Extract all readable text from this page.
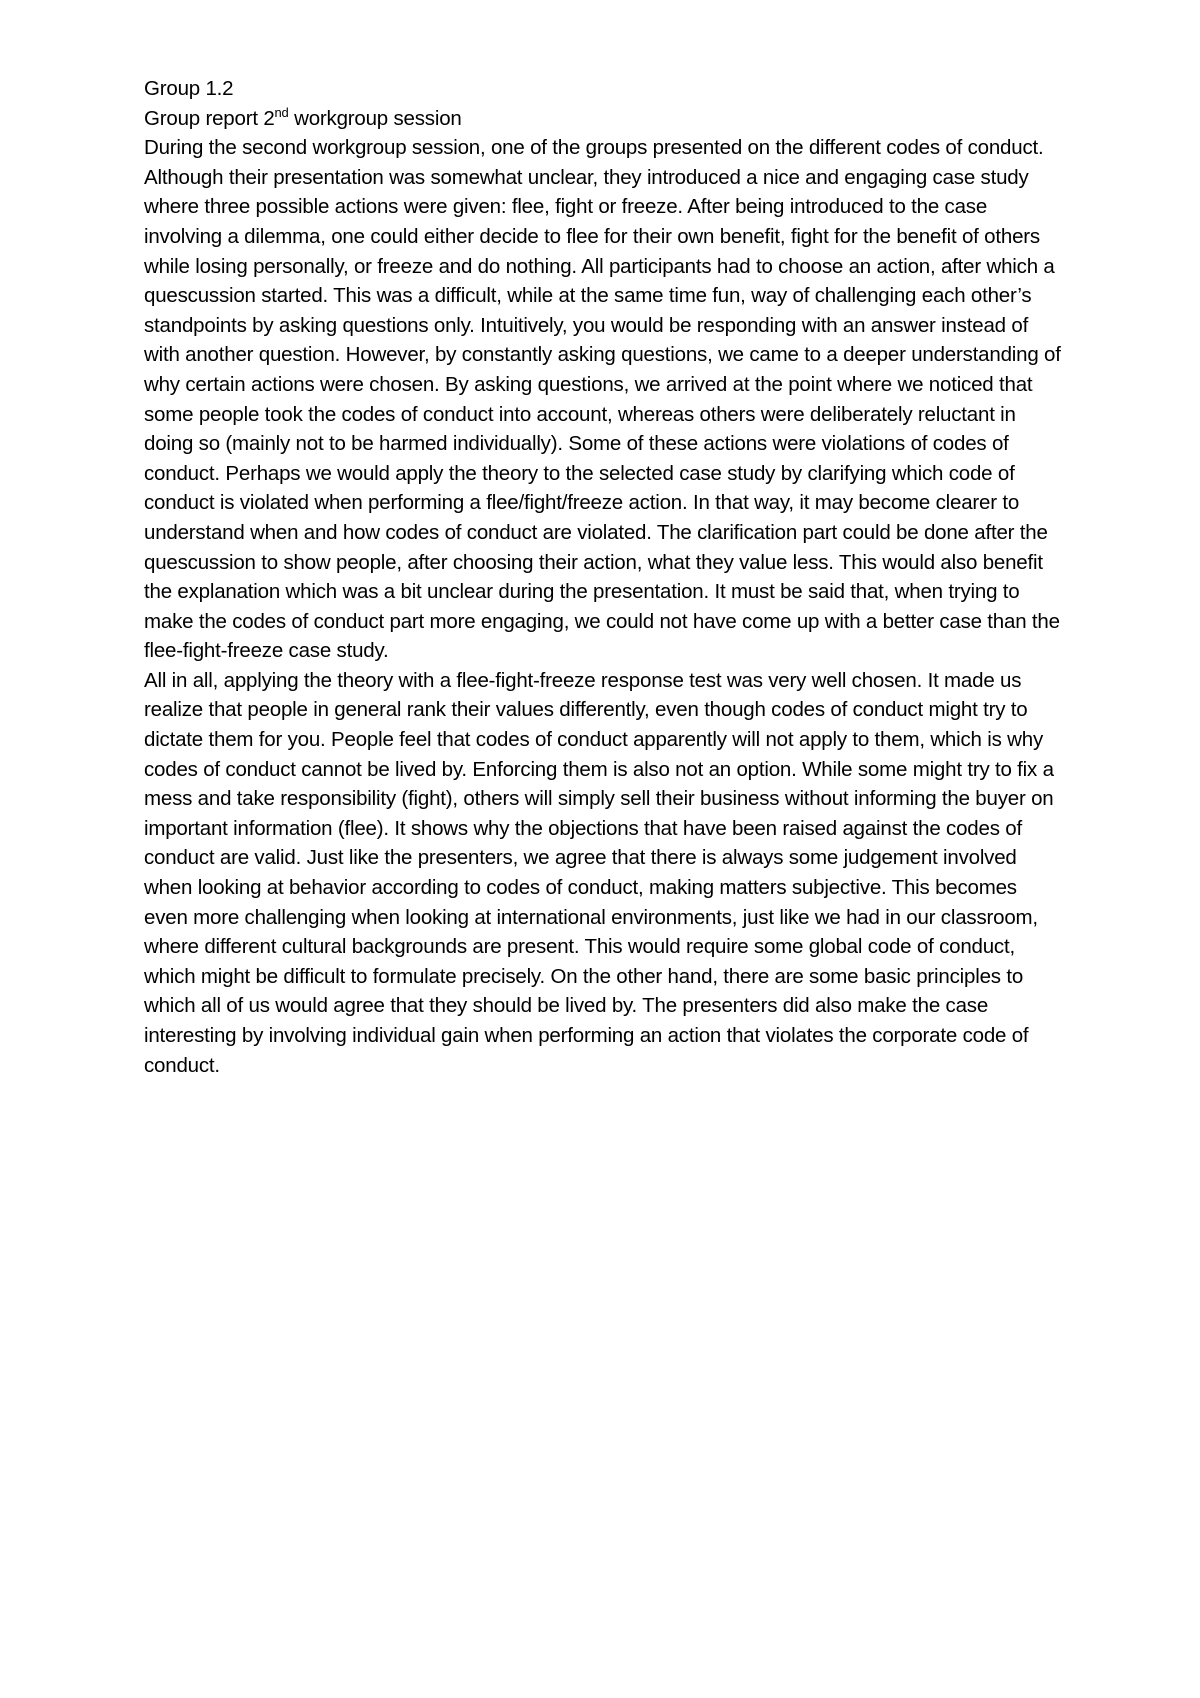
Group 1.2

Group report 2nd workgroup session

During the second workgroup session, one of the groups presented on the different codes of conduct. Although their presentation was somewhat unclear, they introduced a nice and engaging case study where three possible actions were given: flee, fight or freeze. After being introduced to the case involving a dilemma, one could either decide to flee for their own benefit, fight for the benefit of others while losing personally, or freeze and do nothing. All participants had to choose an action, after which a quescussion started. This was a difficult, while at the same time fun, way of challenging each other’s standpoints by asking questions only. Intuitively, you would be responding with an answer instead of with another question. However, by constantly asking questions, we came to a deeper understanding of why certain actions were chosen. By asking questions, we arrived at the point where we noticed that some people took the codes of conduct into account, whereas others were deliberately reluctant in doing so (mainly not to be harmed individually). Some of these actions were violations of codes of conduct. Perhaps we would apply the theory to the selected case study by clarifying which code of conduct is violated when performing a flee/fight/freeze action. In that way, it may become clearer to understand when and how codes of conduct are violated. The clarification part could be done after the quescussion to show people, after choosing their action, what they value less. This would also benefit the explanation which was a bit unclear during the presentation. It must be said that, when trying to make the codes of conduct part more engaging, we could not have come up with a better case than the flee-fight-freeze case study.

All in all, applying the theory with a flee-fight-freeze response test was very well chosen. It made us realize that people in general rank their values differently, even though codes of conduct might try to dictate them for you. People feel that codes of conduct apparently will not apply to them, which is why codes of conduct cannot be lived by. Enforcing them is also not an option. While some might try to fix a mess and take responsibility (fight), others will simply sell their business without informing the buyer on important information (flee). It shows why the objections that have been raised against the codes of conduct are valid. Just like the presenters, we agree that there is always some judgement involved when looking at behavior according to codes of conduct, making matters subjective. This becomes even more challenging when looking at international environments, just like we had in our classroom, where different cultural backgrounds are present. This would require some global code of conduct, which might be difficult to formulate precisely. On the other hand, there are some basic principles to which all of us would agree that they should be lived by. The presenters did also make the case interesting by involving individual gain when performing an action that violates the corporate code of conduct.
